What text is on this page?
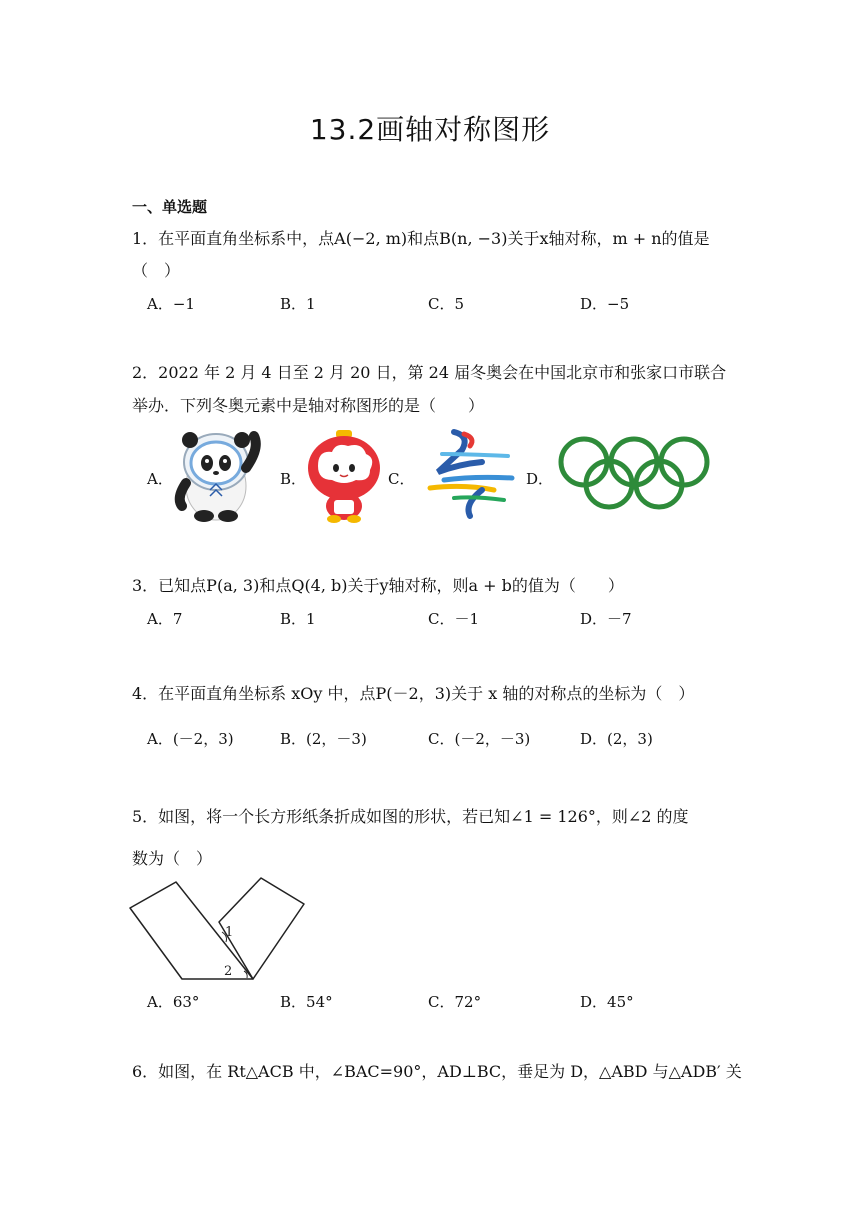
13.2画轴对称图形
一、单选题
1．在平面直角坐标系中，点A(−2, m)和点B(n, −3)关于x轴对称，m + n的值是
（　）
A．−1	B．1	C．5	D．−5
2．2022 年 2 月 4 日至 2 月 20 日，第 24 届冬奥会在中国北京市和张家口市联合
举办．下列冬奥元素中是轴对称图形的是（　　）
A．	B．	C．	D．
3．已知点P(a, 3)和点Q(4, b)关于y轴对称，则a + b的值为（　　）
A．7	B．1	C．－1	D．－7
4．在平面直角坐标系 xOy 中，点P(－2，3)关于 x 轴的对称点的坐标为（　）
A．(－2，3)	B．(2，－3)	C．(－2，－3)	D．(2，3)
5．如图，将一个长方形纸条折成如图的形状，若已知∠1 = 126°，则∠2 的度
数为（　）
1
2
A．63°	B．54°	C．72°	D．45°
6．如图，在 Rt△ACB 中，∠BAC=90°，AD⊥BC，垂足为 D，△ABD 与△ADB′ 关
